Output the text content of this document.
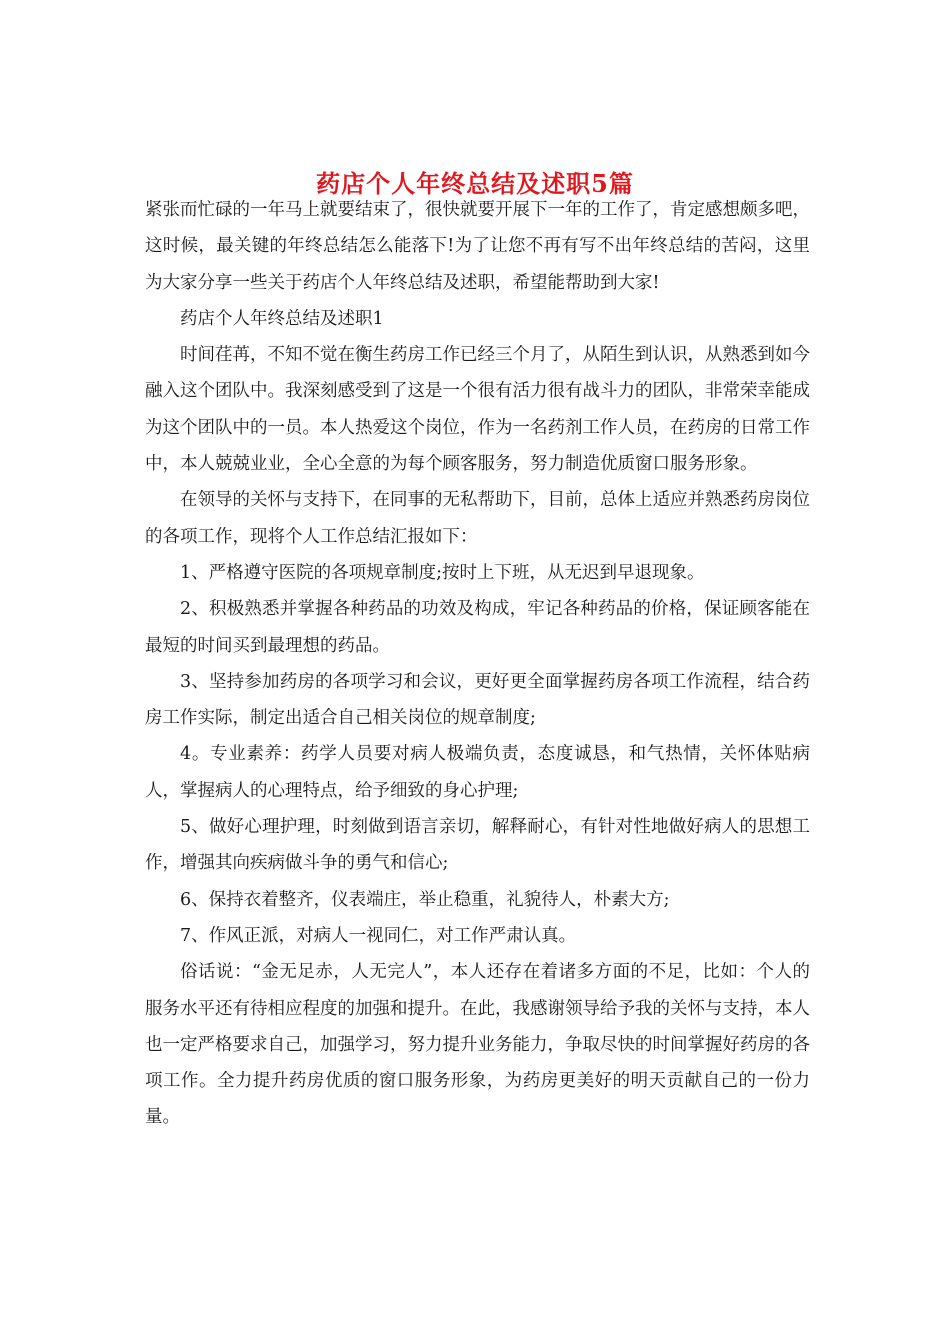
药店个人年终总结及述职5篇

紧张而忙碌的一年马上就要结束了，很快就要开展下一年的工作了，肯定感想颇多吧，这时候，最关键的年终总结怎么能落下!为了让您不再有写不出年终总结的苦闷，这里为大家分享一些关于药店个人年终总结及述职，希望能帮助到大家!

药店个人年终总结及述职1

时间荏苒，不知不觉在衡生药房工作已经三个月了，从陌生到认识，从熟悉到如今融入这个团队中。我深刻感受到了这是一个很有活力很有战斗力的团队，非常荣幸能成为这个团队中的一员。本人热爱这个岗位，作为一名药剂工作人员，在药房的日常工作中，本人兢兢业业，全心全意的为每个顾客服务，努力制造优质窗口服务形象。

在领导的关怀与支持下，在同事的无私帮助下，目前，总体上适应并熟悉药房岗位的各项工作，现将个人工作总结汇报如下：

1、严格遵守医院的各项规章制度;按时上下班，从无迟到早退现象。

2、积极熟悉并掌握各种药品的功效及构成，牢记各种药品的价格，保证顾客能在最短的时间买到最理想的药品。

3、坚持参加药房的各项学习和会议，更好更全面掌握药房各项工作流程，结合药房工作实际，制定出适合自己相关岗位的规章制度;

4。专业素养：药学人员要对病人极端负责，态度诚恳，和气热情，关怀体贴病人，掌握病人的心理特点，给予细致的身心护理;

5、做好心理护理，时刻做到语言亲切，解释耐心，有针对性地做好病人的思想工作，增强其向疾病做斗争的勇气和信心;

6、保持衣着整齐，仪表端庄，举止稳重，礼貌待人，朴素大方;

7、作风正派，对病人一视同仁，对工作严肃认真。

俗话说：“金无足赤，人无完人”，本人还存在着诸多方面的不足，比如：个人的服务水平还有待相应程度的加强和提升。在此，我感谢领导给予我的关怀与支持，本人也一定严格要求自己，加强学习，努力提升业务能力，争取尽快的时间掌握好药房的各项工作。全力提升药房优质的窗口服务形象，为药房更美好的明天贡献自己的一份力量。
